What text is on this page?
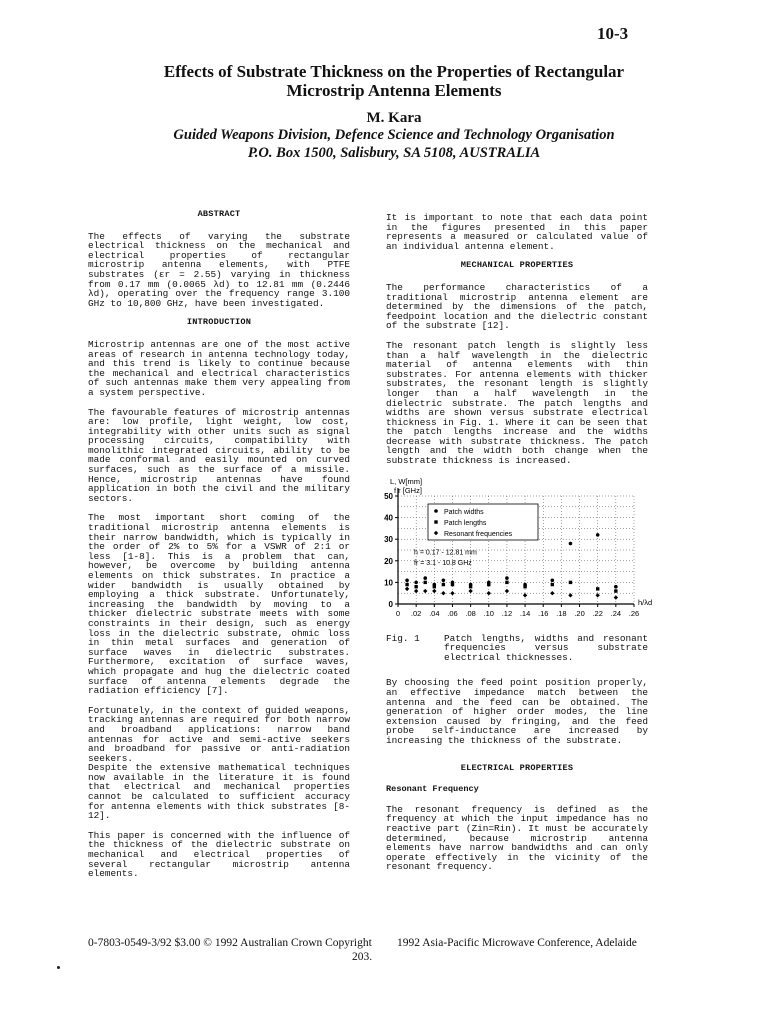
10-3
Effects of Substrate Thickness on the Properties of Rectangular
Microstrip Antenna Elements
M. Kara
Guided Weapons Division, Defence Science and Technology Organisation
P.O. Box 1500, Salisbury, SA 5108, AUSTRALIA
ABSTRACT

The effects of varying the substrate electrical thickness on the mechanical and electrical properties of rectangular microstrip antenna elements, with PTFE substrates (εr = 2.55) varying in thickness from 0.17 mm (0.0065 λd) to 12.81 mm (0.2446 λd), operating over the frequency range 3.100 GHz to 10,800 GHz, have been investigated.

INTRODUCTION

Microstrip antennas are one of the most active areas of research in antenna technology today, and this trend is likely to continue because the mechanical and electrical characteristics of such antennas make them very appealing from a system perspective.

The favourable features of microstrip antennas are: low profile, light weight, low cost, integrability with other units such as signal processing circuits, compatibility with monolithic integrated circuits, ability to be made conformal and easily mounted on curved surfaces, such as the surface of a missile. Hence, microstrip antennas have found application in both the civil and the military sectors.

The most important short coming of the traditional microstrip antenna elements is their narrow bandwidth, which is typically in the order of 2% to 5% for a VSWR of 2:1 or less [1-8]. This is a problem that can, however, be overcome by building antenna elements on thick substrates. In practice a wider bandwidth is usually obtained by employing a thick substrate. Unfortunately, increasing the bandwidth by moving to a thicker dielectric substrate meets with some constraints in their design, such as energy loss in the dielectric substrate, ohmic loss in thin metal surfaces and generation of surface waves in dielectric substrates. Furthermore, excitation of surface waves, which propagate and hug the dielectric coated surface of antenna elements degrade the radiation efficiency [7].

Fortunately, in the context of guided weapons, tracking antennas are required for both narrow and broadband applications: narrow band antennas for active and semi-active seekers and broadband for passive or anti-radiation seekers.

Despite the extensive mathematical techniques now available in the literature it is found that electrical and mechanical properties cannot be calculated to sufficient accuracy for antenna elements with thick substrates [8-12].

This paper is concerned with the influence of the thickness of the dielectric substrate on mechanical and electrical properties of several rectangular microstrip antenna elements.

It is important to note that each data point in the figures presented in this paper represents a measured or calculated value of an individual antenna element.

MECHANICAL PROPERTIES

The performance characteristics of a traditional microstrip antenna element are determined by the dimensions of the patch, feedpoint location and the dielectric constant of the substrate [12].

The resonant patch length is slightly less than a half wavelength in the dielectric material of antenna elements with thin substrates. For antenna elements with thicker substrates, the resonant length is slightly longer than a half wavelength in the dielectric substrate. The patch lengths and widths are shown versus substrate electrical thickness in Fig. 1. Where it can be seen that the patch lengths increase and the widths decrease with substrate thickness. The patch length and the width both change when the substrate thickness is increased.

0
10
20
30
40
50
0 .02 .04 .06 .08 .10 .12 .14 .16 .18 .20 .22 .24 .26
L, W[mm]
f r [GHz]
h/λd
Patch widths
Patch lengths
Resonant frequencies
h = 0.17 - 12.81 mm
fr = 3.1 - 10.8 GHz
Fig. 1	Patch lengths, widths and resonant frequencies versus substrate electrical thicknesses.

By choosing the feed point position properly, an effective impedance match between the antenna and the feed can be obtained. The generation of higher order modes, the line extension caused by fringing, and the feed probe self-inductance are increased by increasing the thickness of the substrate.

ELECTRICAL PROPERTIES
Resonant Frequency

The resonant frequency is defined as the frequency at which the input impedance has no reactive part (Zin=Rin). It must be accurately determined, because microstrip antenna elements have narrow bandwidths and can only operate effectively in the vicinity of the resonant frequency.

0-7803-0549-3/92 $3.00 © 1992 Australian Crown Copyright 1992 Asia-Pacific Microwave Conference, Adelaide
203.
